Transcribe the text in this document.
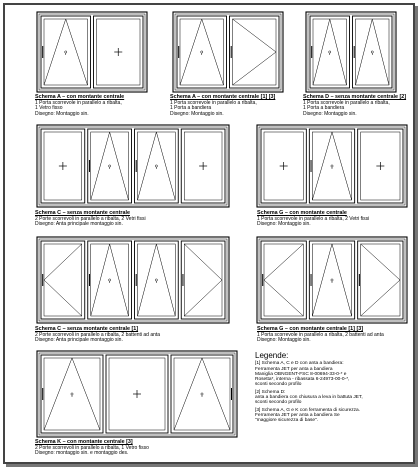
Schema A – con montante centrale
1 Porta scorrevole in parallelo a ribalta,
1 Vetro fisso
Disegno: Montaggio sin.
Schema A – con montante centrale [1] [3]
1 Porta scorrevole in parallelo a ribalta,
1 Porta a bandiera
Disegno: Montaggio sin.
Schema D – senza montante centrale [2]
1 Porta scorrevole in parallelo a ribalta,
1 Porta a bandiera
Disegno: Montaggio sin.
Schema C – senza montante centrale
2 Porte scorrevoli in parallelo a ribalta, 2 Vetri fissi
Disegno: Anta principale montaggio sin.
Schema G – con montante centrale
1 Porta scorrevole in parallelo a ribalta, 2 Vetri fissi
Disegno: Montaggio sin.
Schema C – senza montante centrale [1]
2 Porte scorrevoli in parallelo a ribalta, 2 battenti ad anta
Disegno: Anta principale montaggio sin.
Schema G – con montante centrale [1] [3]
1 Porta scorrevole in parallelo a ribalta, 2 battenti ad anta
Disegno: Montaggio sin.
Schema K – con montante centrale [3]
2 Porte scorrevoli in parallelo a ribalta, 1 Vetro fisso
Disegno: montaggio sin. e montaggio des.
Legende:
[1] Schema A, C e D con anta a bandiera:
Ferramenta JET per anta a bandiera
Maniglia OBNGENT-FSC 8-00694-33-0-* e
Rosetta*, interna - ribassata 6-24973-00-0-*,
sconti secondo profilo
[2] Schema D:
anta a bandiera con chiusura a leva in battuta JET,
sconti secondo profilo
[3] Schema A, G e K con ferramenta di sicurezza.
Ferramenta JET per anta a bandiera Se
"maggiore sicurezza di base".
